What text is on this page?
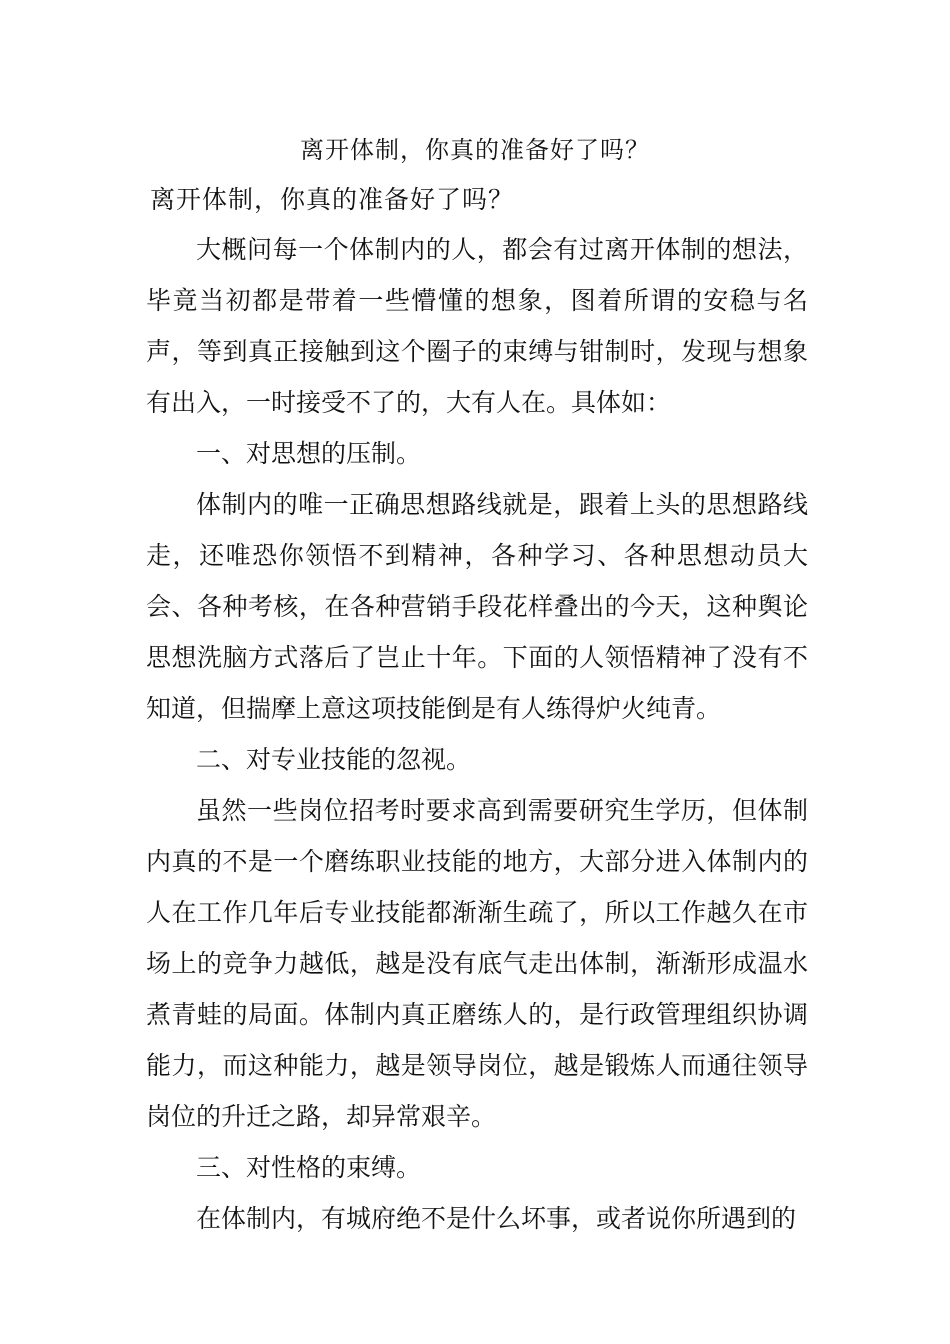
离开体制，你真的准备好了吗？
离开体制，你真的准备好了吗？

大概问每一个体制内的人，都会有过离开体制的想法，毕竟当初都是带着一些懵懂的想象，图着所谓的安稳与名声，等到真正接触到这个圈子的束缚与钳制时，发现与想象有出入，一时接受不了的，大有人在。具体如：

一、对思想的压制。

体制内的唯一正确思想路线就是，跟着上头的思想路线走，还唯恐你领悟不到精神，各种学习、各种思想动员大会、各种考核，在各种营销手段花样叠出的今天，这种舆论思想洗脑方式落后了岂止十年。下面的人领悟精神了没有不知道，但揣摩上意这项技能倒是有人练得炉火纯青。

二、对专业技能的忽视。

虽然一些岗位招考时要求高到需要研究生学历，但体制内真的不是一个磨练职业技能的地方，大部分进入体制内的人在工作几年后专业技能都渐渐生疏了，所以工作越久在市场上的竞争力越低，越是没有底气走出体制，渐渐形成温水煮青蛙的局面。体制内真正磨练人的，是行政管理组织协调能力，而这种能力，越是领导岗位，越是锻炼人而通往领导岗位的升迁之路，却异常艰辛。

三、对性格的束缚。

在体制内，有城府绝不是什么坏事，或者说你所遇到的
